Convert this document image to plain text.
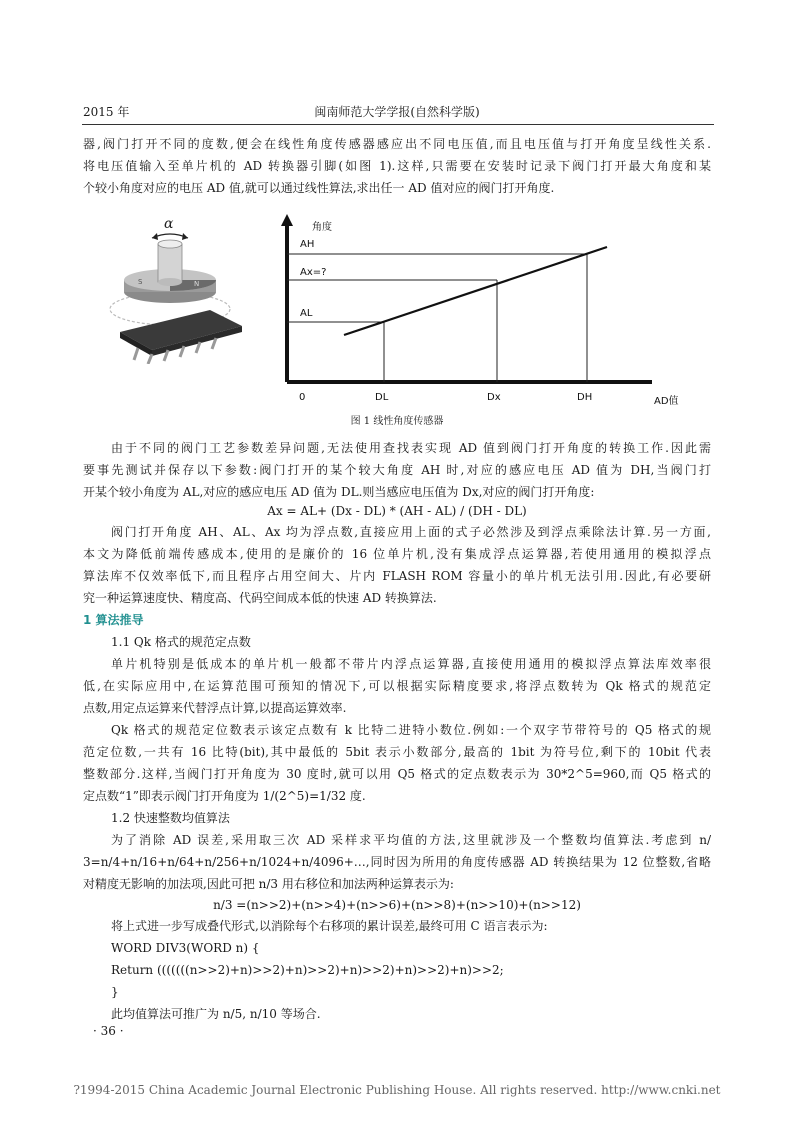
2015 年	闽南师范大学学报(自然科学版)
器,阀门打开不同的度数,便会在线性角度传感器感应出不同电压值,而且电压值与打开角度呈线性关系.
将电压值输入至单片机的 AD 转换器引脚(如图 1).这样,只需要在安装时记录下阀门打开最大角度和某
个较小角度对应的电压 AD 值,就可以通过线性算法,求出任一 AD 值对应的阀门打开角度.
α
S	N
角度
AD值
0
AH
Ax=?
AL
DL	Dx	DH
图 1 线性角度传感器
由于不同的阀门工艺参数差异问题,无法使用查找表实现 AD 值到阀门打开角度的转换工作.因此需
要事先测试并保存以下参数:阀门打开的某个较大角度 AH 时,对应的感应电压 AD 值为 DH,当阀门打
开某个较小角度为 AL,对应的感应电压 AD 值为 DL.则当感应电压值为 Dx,对应的阀门打开角度:
Ax = AL+ (Dx - DL) * (AH - AL) / (DH - DL)
阀门打开角度 AH、AL、Ax 均为浮点数,直接应用上面的式子必然涉及到浮点乘除法计算.另一方面,
本文为降低前端传感成本,使用的是廉价的 16 位单片机,没有集成浮点运算器,若使用通用的模拟浮点
算法库不仅效率低下,而且程序占用空间大、片内 FLASH ROM 容量小的单片机无法引用.因此,有必要研
究一种运算速度快、精度高、代码空间成本低的快速 AD 转换算法.
1 算法推导
1.1 Qk 格式的规范定点数
单片机特别是低成本的单片机一般都不带片内浮点运算器,直接使用通用的模拟浮点算法库效率很
低,在实际应用中,在运算范围可预知的情况下,可以根据实际精度要求,将浮点数转为 Qk 格式的规范定
点数,用定点运算来代替浮点计算,以提高运算效率.
Qk 格式的规范定位数表示该定点数有 k 比特二进特小数位.例如:一个双字节带符号的 Q5 格式的规
范定位数,一共有 16 比特(bit),其中最低的 5bit 表示小数部分,最高的 1bit 为符号位,剩下的 10bit 代表
整数部分.这样,当阀门打开角度为 30 度时,就可以用 Q5 格式的定点数表示为 30*2^5=960,而 Q5 格式的
定点数“1”即表示阀门打开角度为 1/(2^5)=1/32 度.
1.2 快速整数均值算法
为了消除 AD 误差,采用取三次 AD 采样求平均值的方法,这里就涉及一个整数均值算法.考虑到 n/
3=n/4+n/16+n/64+n/256+n/1024+n/4096+…,同时因为所用的角度传感器 AD 转换结果为 12 位整数,省略
对精度无影响的加法项,因此可把 n/3 用右移位和加法两种运算表示为:
n/3 =(n>>2)+(n>>4)+(n>>6)+(n>>8)+(n>>10)+(n>>12)
将上式进一步写成叠代形式,以消除每个右移项的累计误差,最终可用 C 语言表示为:
WORD DIV3(WORD n) {
Return (((((((n>>2)+n)>>2)+n)>>2)+n)>>2)+n)>>2)+n)>>2;
}
此均值算法可推广为 n/5, n/10 等场合.
· 36 ·
?1994-2015 China Academic Journal Electronic Publishing House. All rights reserved. http://www.cnki.net
